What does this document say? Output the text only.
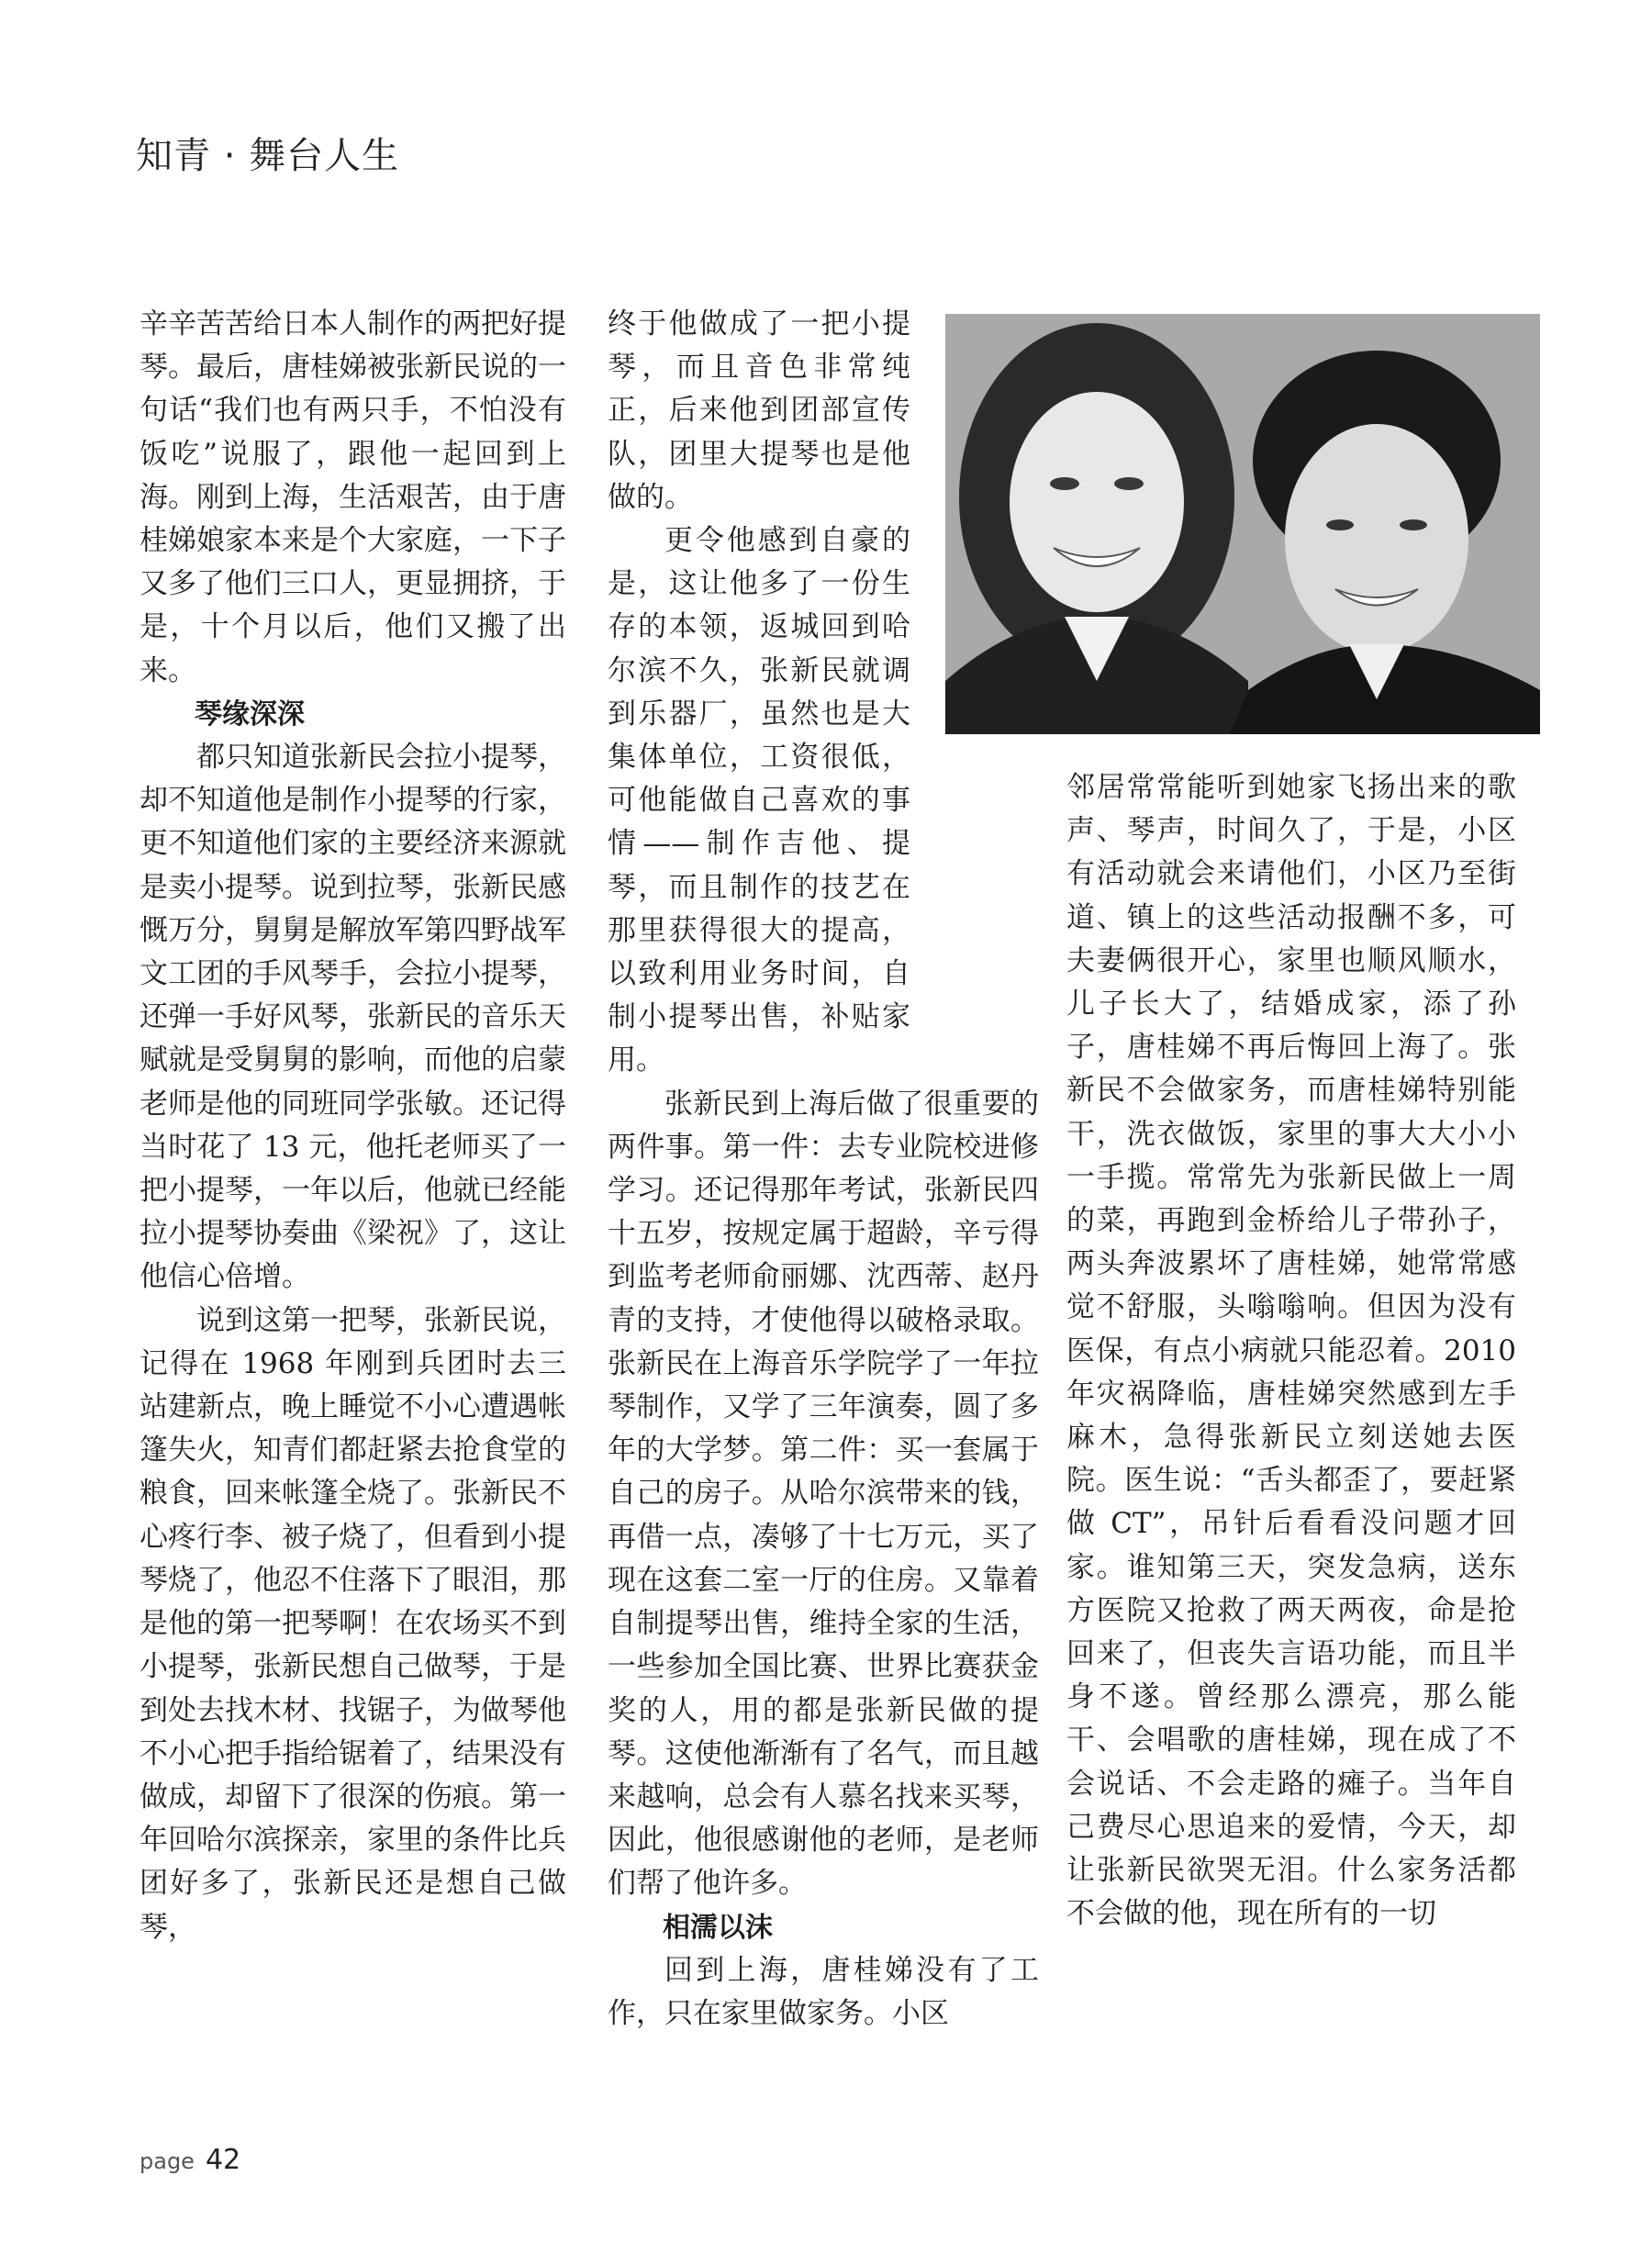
知青 · 舞台人生

辛辛苦苦给日本人制作的两把好提琴。最后，唐桂娣被张新民说的一句话“我们也有两只手，不怕没有饭吃”说服了，跟他一起回到上海。刚到上海，生活艰苦，由于唐桂娣娘家本来是个大家庭，一下子又多了他们三口人，更显拥挤，于是，十个月以后，他们又搬了出来。

琴缘深深

都只知道张新民会拉小提琴，却不知道他是制作小提琴的行家，更不知道他们家的主要经济来源就是卖小提琴。说到拉琴，张新民感慨万分，舅舅是解放军第四野战军文工团的手风琴手，会拉小提琴，还弹一手好风琴，张新民的音乐天赋就是受舅舅的影响，而他的启蒙老师是他的同班同学张敏。还记得当时花了 13 元，他托老师买了一把小提琴，一年以后，他就已经能拉小提琴协奏曲《梁祝》了，这让他信心倍增。

说到这第一把琴，张新民说，记得在 1968 年刚到兵团时去三站建新点，晚上睡觉不小心遭遇帐篷失火，知青们都赶紧去抢食堂的粮食，回来帐篷全烧了。张新民不心疼行李、被子烧了，但看到小提琴烧了，他忍不住落下了眼泪，那是他的第一把琴啊！在农场买不到小提琴，张新民想自己做琴，于是到处去找木材、找锯子，为做琴他不小心把手指给锯着了，结果没有做成，却留下了很深的伤痕。第一年回哈尔滨探亲，家里的条件比兵团好多了，张新民还是想自己做琴，

终于他做成了一把小提琴，而且音色非常纯正，后来他到团部宣传队，团里大提琴也是他做的。

更令他感到自豪的是，这让他多了一份生存的本领，返城回到哈尔滨不久，张新民就调到乐器厂，虽然也是大集体单位，工资很低，可他能做自己喜欢的事情——制作吉他、提琴，而且制作的技艺在那里获得很大的提高，以致利用业务时间，自制小提琴出售，补贴家用。

张新民到上海后做了很重要的两件事。第一件：去专业院校进修学习。还记得那年考试，张新民四十五岁，按规定属于超龄，辛亏得到监考老师俞丽娜、沈西蒂、赵丹青的支持，才使他得以破格录取。张新民在上海音乐学院学了一年拉琴制作，又学了三年演奏，圆了多年的大学梦。第二件：买一套属于自己的房子。从哈尔滨带来的钱，再借一点，凑够了十七万元，买了现在这套二室一厅的住房。又靠着自制提琴出售，维持全家的生活，一些参加全国比赛、世界比赛获金奖的人，用的都是张新民做的提琴。这使他渐渐有了名气，而且越来越响，总会有人慕名找来买琴，因此，他很感谢他的老师，是老师们帮了他许多。

相濡以沫

回到上海，唐桂娣没有了工作，只在家里做家务。小区

邻居常常能听到她家飞扬出来的歌声、琴声，时间久了，于是，小区有活动就会来请他们，小区乃至街道、镇上的这些活动报酬不多，可夫妻俩很开心，家里也顺风顺水，儿子长大了，结婚成家，添了孙子，唐桂娣不再后悔回上海了。张新民不会做家务，而唐桂娣特别能干，洗衣做饭，家里的事大大小小一手揽。常常先为张新民做上一周的菜，再跑到金桥给儿子带孙子，两头奔波累坏了唐桂娣，她常常感觉不舒服，头嗡嗡响。但因为没有医保，有点小病就只能忍着。2010 年灾祸降临，唐桂娣突然感到左手麻木，急得张新民立刻送她去医院。医生说：“舌头都歪了，要赶紧做 CT”，吊针后看看没问题才回家。谁知第三天，突发急病，送东方医院又抢救了两天两夜，命是抢回来了，但丧失言语功能，而且半身不遂。曾经那么漂亮，那么能干、会唱歌的唐桂娣，现在成了不会说话、不会走路的瘫子。当年自己费尽心思追来的爱情，今天，却让张新民欲哭无泪。什么家务活都不会做的他，现在所有的一切

page 42
